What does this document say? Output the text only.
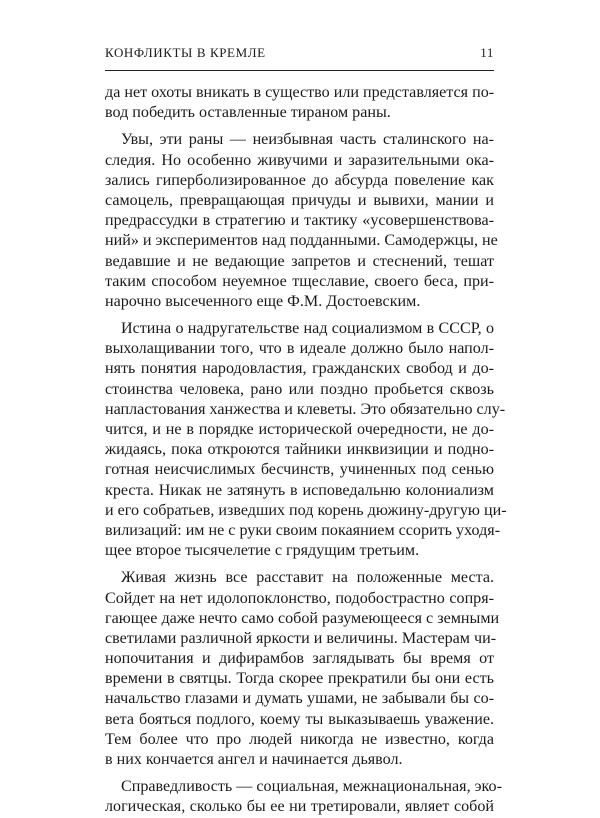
КОНФЛИКТЫ В КРЕМЛЕ	11
да нет охоты вникать в существо или представляется по-
вод победить оставленные тираном раны.
Увы, эти раны — неизбывная часть сталинского на-
следия. Но особенно живучими и заразительными ока-
зались гиперболизированное до абсурда повеление как
самоцель, превращающая причуды и вывихи, мании и
предрассудки в стратегию и тактику «усовершенствова-
ний» и экспериментов над подданными. Самодержцы, не
ведавшие и не ведающие запретов и стеснений, тешат
таким способом неуемное тщеславие, своего беса, при-
нарочно высеченного еще Ф.М. Достоевским.
Истина о надругательстве над социализмом в СССР, о
выхолащивании того, что в идеале должно было напол-
нять понятия народовластия, гражданских свобод и до-
стоинства человека, рано или поздно пробьется сквозь
напластования ханжества и клеветы. Это обязательно слу-
чится, и не в порядке исторической очередности, не до-
жидаясь, пока откроются тайники инквизиции и подно-
готная неисчислимых бесчинств, учиненных под сенью
креста. Никак не затянуть в исповедальню колониализм
и его собратьев, изведших под корень дюжину-другую ци-
вилизаций: им не с руки своим покаянием ссорить уходя-
щее второе тысячелетие с грядущим третьим.
Живая жизнь все расставит на положенные места.
Сойдет на нет идолопоклонство, подобострастно сопря-
гающее даже нечто само собой разумеющееся с земными
светилами различной яркости и величины. Мастерам чи-
нопочитания и дифирамбов заглядывать бы время от
времени в святцы. Тогда скорее прекратили бы они есть
начальство глазами и думать ушами, не забывали бы со-
вета бояться подлого, коему ты выказываешь уважение.
Тем более что про людей никогда не известно, когда
в них кончается ангел и начинается дьявол.
Справедливость — социальная, межнациональная, эко-
логическая, сколько бы ее ни третировали, являет собой
